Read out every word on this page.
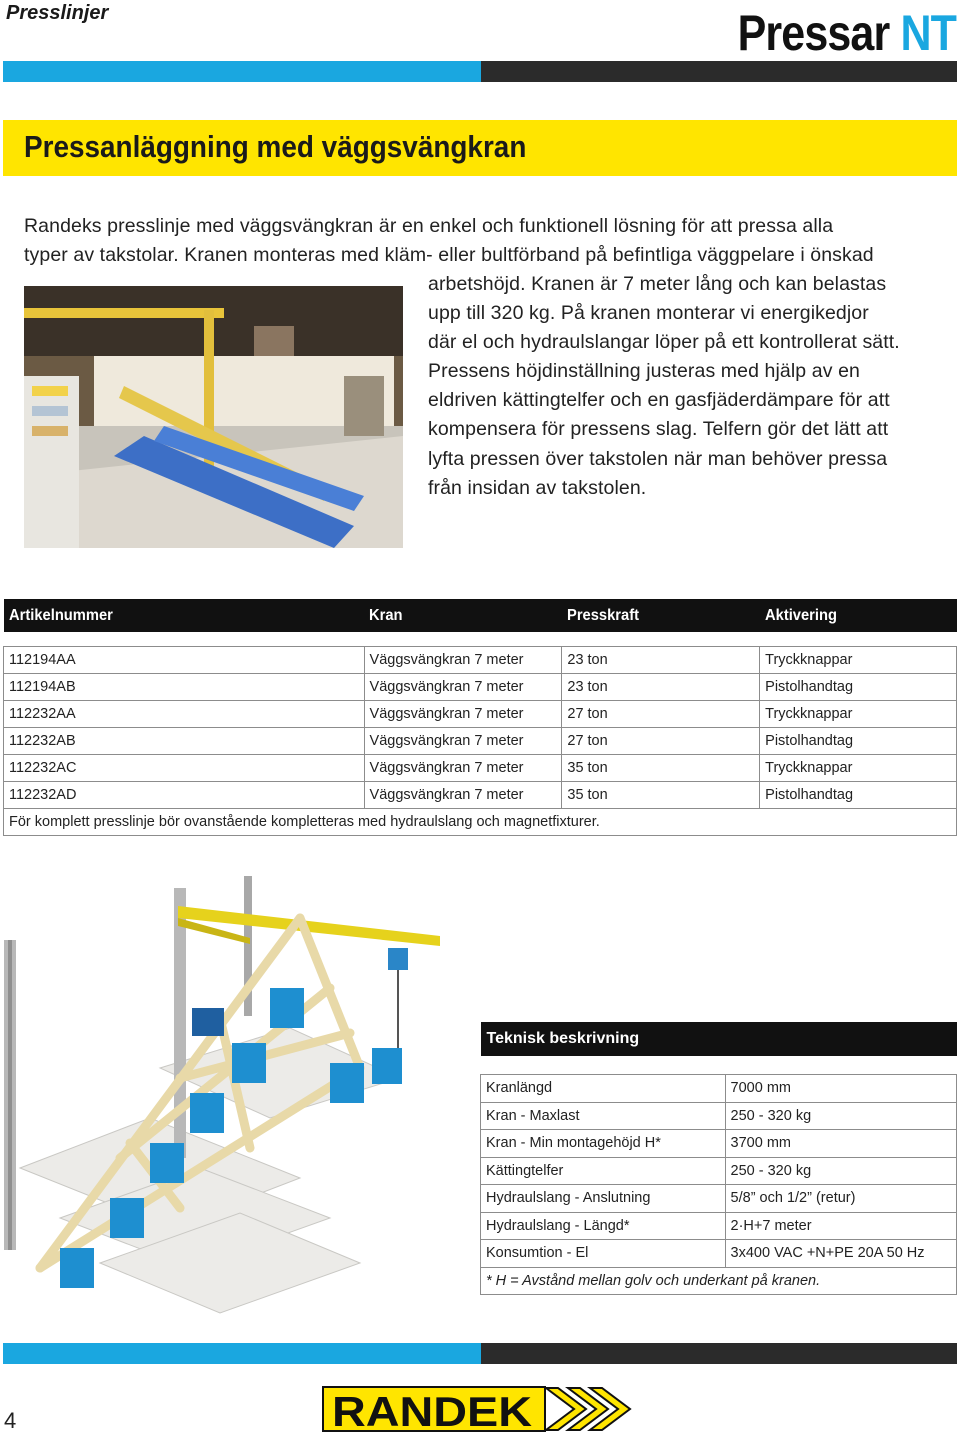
Presslinjer	Pressar NT
Pressanläggning med väggsvängkran
Randeks presslinje med väggsvängkran är en enkel och funktionell lösning för att pressa alla
typer av takstolar. Kranen monteras med kläm- eller bultförband på befintliga väggpelare i önskad
arbetshöjd. Kranen är 7 meter lång och kan belastas
upp till 320 kg. På kranen monterar vi energikedjor
där el och hydraulslangar löper på ett kontrollerat sätt.
Pressens höjdinställning justeras med hjälp av en
eldriven kättingtelfer och en gasfjäderdämpare för att
kompensera för pressens slag. Telfern gör det lätt att
lyfta pressen över takstolen när man behöver pressa
från insidan av takstolen.
Artikelnummer	Kran	Presskraft	Aktivering

112194AA	Väggsvängkran 7 meter	23 ton	Tryckknappar
112194AB	Väggsvängkran 7 meter	23 ton	Pistolhandtag
112232AA	Väggsvängkran 7 meter	27 ton	Tryckknappar
112232AB	Väggsvängkran 7 meter	27 ton	Pistolhandtag
112232AC	Väggsvängkran 7 meter	35 ton	Tryckknappar
112232AD	Väggsvängkran 7 meter	35 ton	Pistolhandtag
För komplett presslinje bör ovanstående kompletteras med hydraulslang och magnetfixturer.			
Teknisk beskrivning	

Kranlängd	7000 mm
Kran - Maxlast	250 - 320 kg
Kran - Min montagehöjd H*	3700 mm
Kättingtelfer	250 - 320 kg
Hydraulslang - Anslutning	5/8” och 1/2” (retur)
Hydraulslang - Längd*	2·H+7 meter
Konsumtion - El	3x400 VAC +N+PE 20A 50 Hz
* H = Avstånd mellan golv och underkant på kranen.	
4	RANDEK
